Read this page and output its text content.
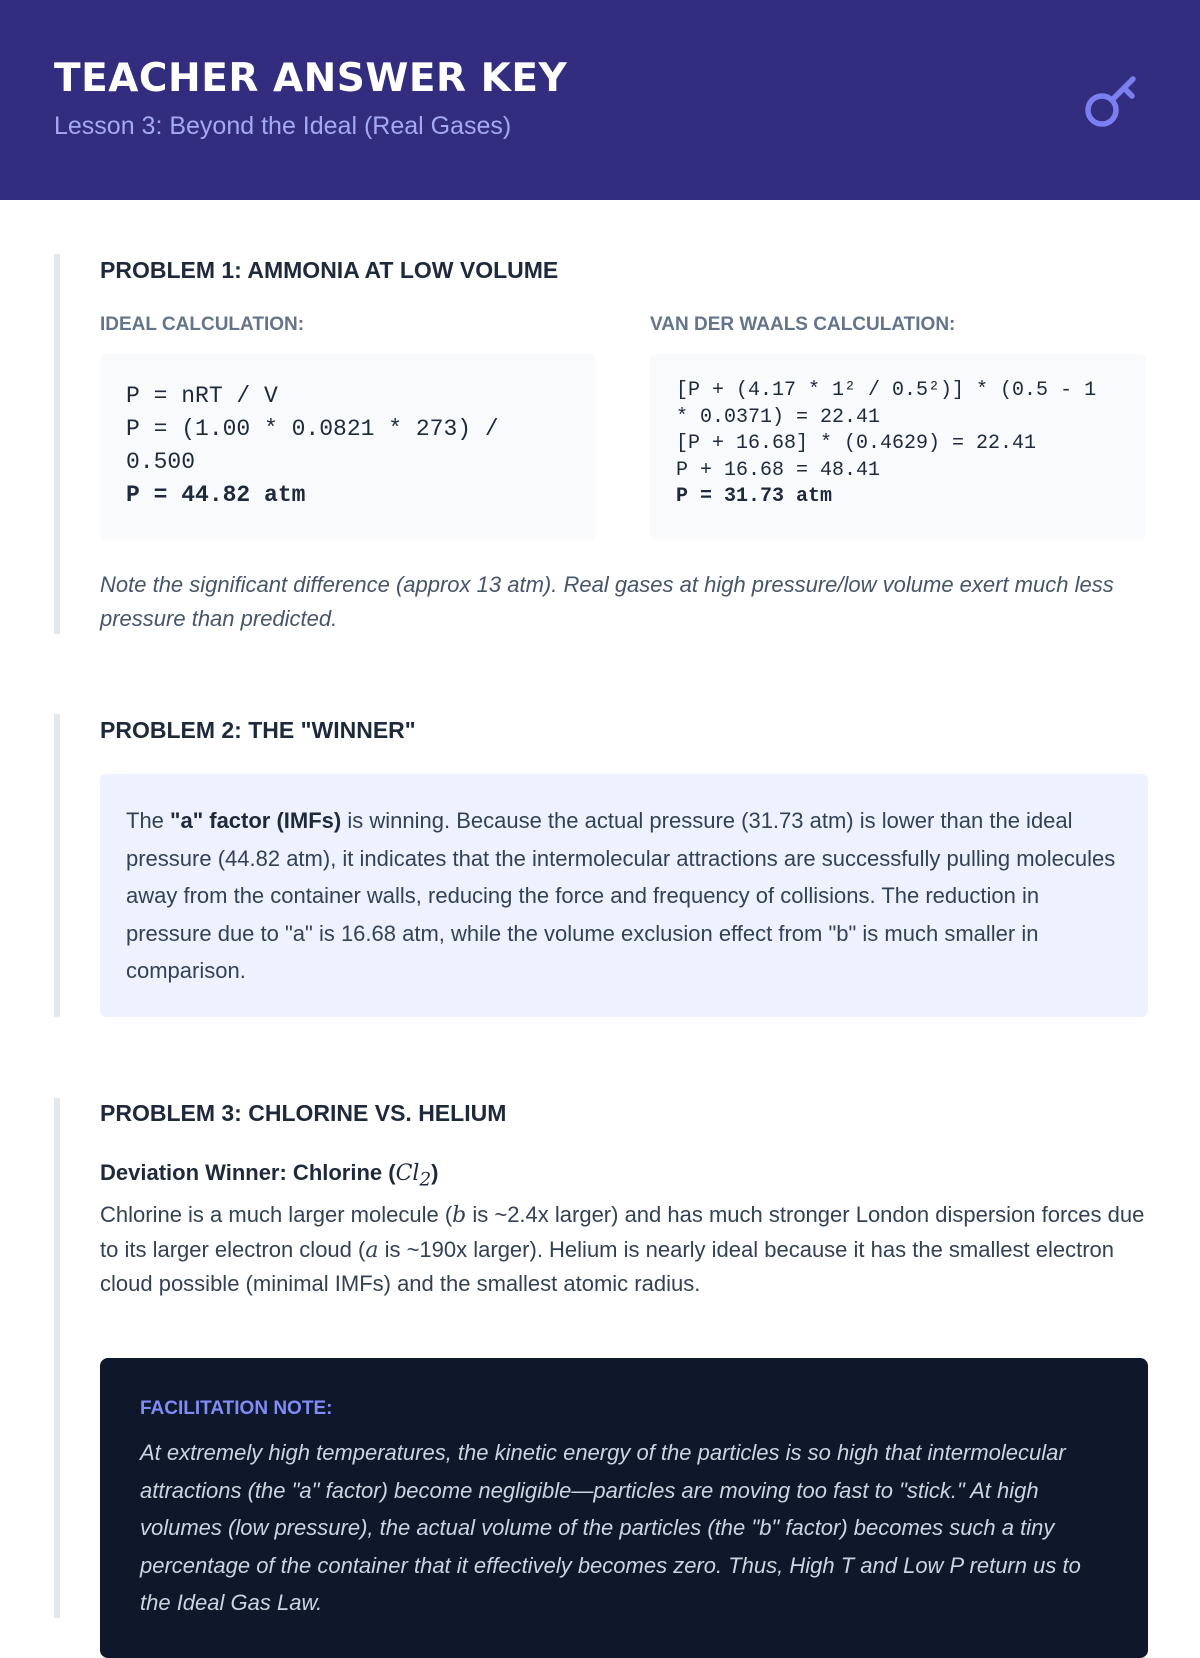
TEACHER ANSWER KEY
Lesson 3: Beyond the Ideal (Real Gases)
PROBLEM 1: AMMONIA AT LOW VOLUME
IDEAL CALCULATION:
P = nRT / V
P = (1.00 * 0.0821 * 273) /
0.500
P = 44.82 atm
VAN DER WAALS CALCULATION:
[P + (4.17 * 1² / 0.5²)] * (0.5 - 1
* 0.0371) = 22.41
[P + 16.68] * (0.4629) = 22.41
P + 16.68 = 48.41
P = 31.73 atm

Note the significant difference (approx 13 atm). Real gases at high pressure/low volume exert much less pressure than predicted.

PROBLEM 2: THE "WINNER"
The "a" factor (IMFs) is winning. Because the actual pressure (31.73 atm) is lower than the ideal pressure (44.82 atm), it indicates that the intermolecular attractions are successfully pulling molecules away from the container walls, reducing the force and frequency of collisions. The reduction in pressure due to "a" is 16.68 atm, while the volume exclusion effect from "b" is much smaller in comparison.
PROBLEM 3: CHLORINE VS. HELIUM
Deviation Winner: Chlorine $(Cl_2)$

Chlorine is a much larger molecule (b is ~2.4x larger) and has much stronger London dispersion forces due to its larger electron cloud (a is ~190x larger). Helium is nearly ideal because it has the smallest electron cloud possible (minimal IMFs) and the smallest atomic radius.

FACILITATION NOTE:
At extremely high temperatures, the kinetic energy of the particles is so high that intermolecular attractions (the "a" factor) become negligible—particles are moving too fast to "stick." At high volumes (low pressure), the actual volume of the particles (the "b" factor) becomes such a tiny percentage of the container that it effectively becomes zero. Thus, High T and Low P return us to the Ideal Gas Law.
